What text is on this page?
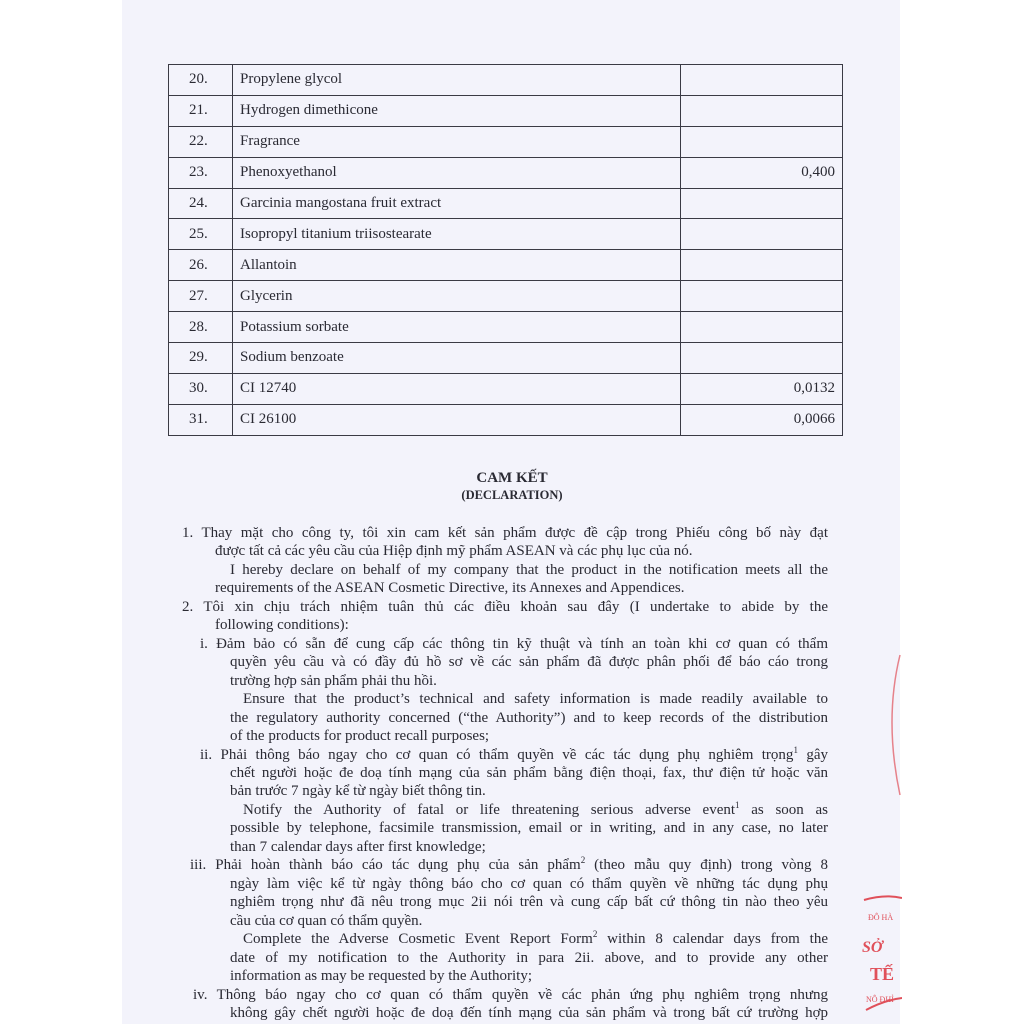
20.	Propylene glycol	
21.	Hydrogen dimethicone	
22.	Fragrance	
23.	Phenoxyethanol	0,400
24.	Garcinia mangostana fruit extract	
25.	Isopropyl titanium triisostearate	
26.	Allantoin	
27.	Glycerin	
28.	Potassium sorbate	
29.	Sodium benzoate	
30.	CI 12740	0,0132
31.	CI 26100	0,0066
CAM KẾT
(DECLARATION)
1. Thay mặt cho công ty, tôi xin cam kết sản phẩm được đề cập trong Phiếu công bố này đạt
được tất cả các yêu cầu của Hiệp định mỹ phẩm ASEAN và các phụ lục của nó.
I hereby declare on behalf of my company that the product in the notification meets all the
requirements of the ASEAN Cosmetic Directive, its Annexes and Appendices.
2. Tôi xin chịu trách nhiệm tuân thủ các điều khoản sau đây (I undertake to abide by the
following conditions):
i. Đảm bảo có sẵn để cung cấp các thông tin kỹ thuật và tính an toàn khi cơ quan có thẩm
quyền yêu cầu và có đầy đủ hồ sơ về các sản phẩm đã được phân phối để báo cáo trong
trường hợp sản phẩm phải thu hồi.
Ensure that the product’s technical and safety information is made readily available to
the regulatory authority concerned (“the Authority”) and to keep records of the distribution
of the products for product recall purposes;
ii. Phải thông báo ngay cho cơ quan có thẩm quyền về các tác dụng phụ nghiêm trọng$^1$ gây
chết người hoặc đe doạ tính mạng của sản phẩm bằng điện thoại, fax, thư điện tử hoặc văn
bản trước 7 ngày kể từ ngày biết thông tin.
Notify the Authority of fatal or life threatening serious adverse event$^1$ as soon as
possible by telephone, facsimile transmission, email or in writing, and in any case, no later
than 7 calendar days after first knowledge;
iii. Phải hoàn thành báo cáo tác dụng phụ của sản phẩm$^2$ (theo mẫu quy định) trong vòng 8
ngày làm việc kể từ ngày thông báo cho cơ quan có thẩm quyền về những tác dụng phụ
nghiêm trọng như đã nêu trong mục 2ii nói trên và cung cấp bất cứ thông tin nào theo yêu
cầu của cơ quan có thẩm quyền.
Complete the Adverse Cosmetic Event Report Form$^2$ within 8 calendar days from the
date of my notification to the Authority in para 2ii. above, and to provide any other
information as may be requested by the Authority;
iv. Thông báo ngay cho cơ quan có thẩm quyền về các phản ứng phụ nghiêm trọng nhưng
không gây chết người hoặc đe doạ đến tính mạng của sản phẩm và trong bất cứ trường hợp
ĐÔ HÀ
SỞ
TẾ
NÔ ĐHỈ
